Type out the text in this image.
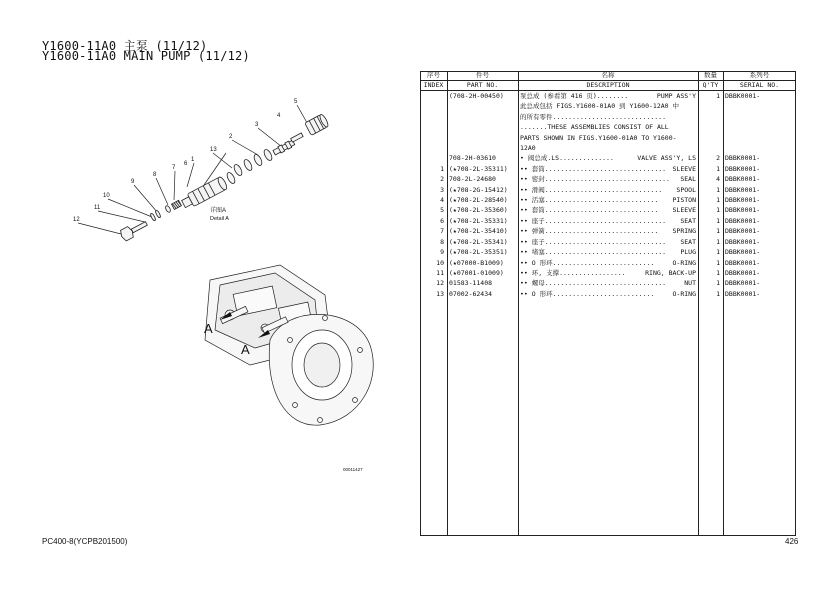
Y1600-11A0 主泵 (11/12)
Y1600-11A0 MAIN PUMP (11/12)
12
11
10
9
8
7
1
13
2
3
5
4
6
详图A
Detail A
A
A
00011427
序号	件号	名称	数量	系列号
INDEX	PART NO.	DESCRIPTION	Q'TY	SERIAL NO.
	(708-2H-00450)	泵总成 (参看第 416 页)........ PUMP ASS'Y	1	DBBK0001-

		此总成包括 FIGS.Y1600-01A0 到 Y1600-12A0 中		

		的所有零件.............................		

		.......THESE ASSEMBLIES CONSIST OF ALL		

		PARTS SHOWN IN FIGS.Y1600-01A0 TO Y1600-		

		12A0		

	708-2H-03610	• 阀总成.LS.............. VALVE ASS'Y, LS	2	DBBK0001-
1	(★708-2L-35311)	•• 套筒............................... SLEEVE	1	DBBK0001-
2	708-2L-24680	•• 密封................................ SEAL	4	DBBK0001-
3	(★708-2G-15412)	•• 滑阀.............................. SPOOL	1	DBBK0001-
4	(★708-2L-28540)	•• 活塞............................. PISTON	1	DBBK0001-
5	(★708-2L-35360)	•• 套筒............................. SLEEVE	1	DBBK0001-
6	(★708-2L-35331)	•• 座子............................... SEAT	1	DBBK0001-
7	(★708-2L-35410)	•• 弹簧............................. SPRING	1	DBBK0001-
8	(★708-2L-35341)	•• 座子............................... SEAT	1	DBBK0001-
9	(★708-2L-35351)	•• 堵塞............................... PLUG	1	DBBK0001-
10	(★07000-B1009)	•• O 形环.......................... O-RING	1	DBBK0001-
11	(★07001-01009)	•• 环, 支撑................. RING, BACK-UP	1	DBBK0001-
12	01583-11408	•• 螺母............................... NUT	1	DBBK0001-
13	07002-62434	•• O 形环.......................... O-RING	1	DBBK0001-
PC400-8(YCPB201500)	426
